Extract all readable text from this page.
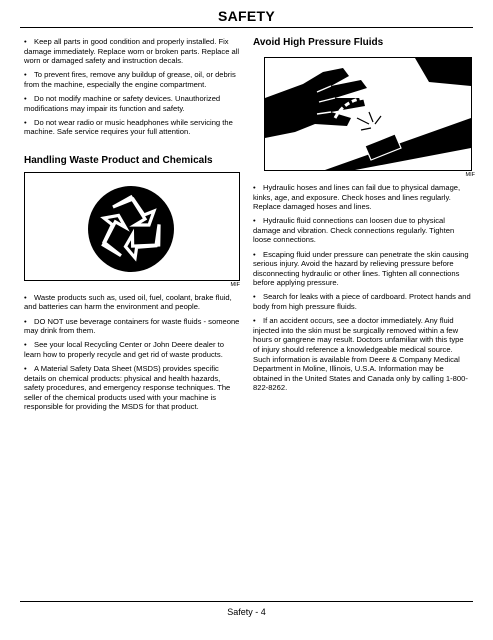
SAFETY

• Keep all parts in good condition and properly installed. Fix damage immediately. Replace worn or broken parts. Replace all worn or damaged safety and instruction decals.

• To prevent fires, remove any buildup of grease, oil, or debris from the machine, especially the engine compartment.

• Do not modify machine or safety devices. Unauthorized modifications may impair its function and safety.

• Do not wear radio or music headphones while servicing the machine. Safe service requires your full attention.

Handling Waste Product and Chemicals
MIF

• Waste products such as, used oil, fuel, coolant, brake fluid, and batteries can harm the environment and people.

• DO NOT use beverage containers for waste fluids - someone may drink from them.

• See your local Recycling Center or John Deere dealer to learn how to properly recycle and get rid of waste products.

• A Material Safety Data Sheet (MSDS) provides specific details on chemical products: physical and health hazards, safety procedures, and emergency response techniques. The seller of the chemical products used with your machine is responsible for providing the MSDS for that product.

Avoid High Pressure Fluids
MIF

• Hydraulic hoses and lines can fail due to physical damage, kinks, age, and exposure. Check hoses and lines regularly. Replace damaged hoses and lines.

• Hydraulic fluid connections can loosen due to physical damage and vibration. Check connections regularly. Tighten loose connections.

• Escaping fluid under pressure can penetrate the skin causing serious injury. Avoid the hazard by relieving pressure before disconnecting hydraulic or other lines. Tighten all connections before applying pressure.

• Search for leaks with a piece of cardboard. Protect hands and body from high pressure fluids.

• If an accident occurs, see a doctor immediately. Any fluid injected into the skin must be surgically removed within a few hours or gangrene may result. Doctors unfamiliar with this type of injury should reference a knowledgeable medical source. Such information is available from Deere & Company Medical Department in Moline, Illinois, U.S.A. Information may be obtained in the United States and Canada only by calling 1-800-822-8262.

Safety - 4
